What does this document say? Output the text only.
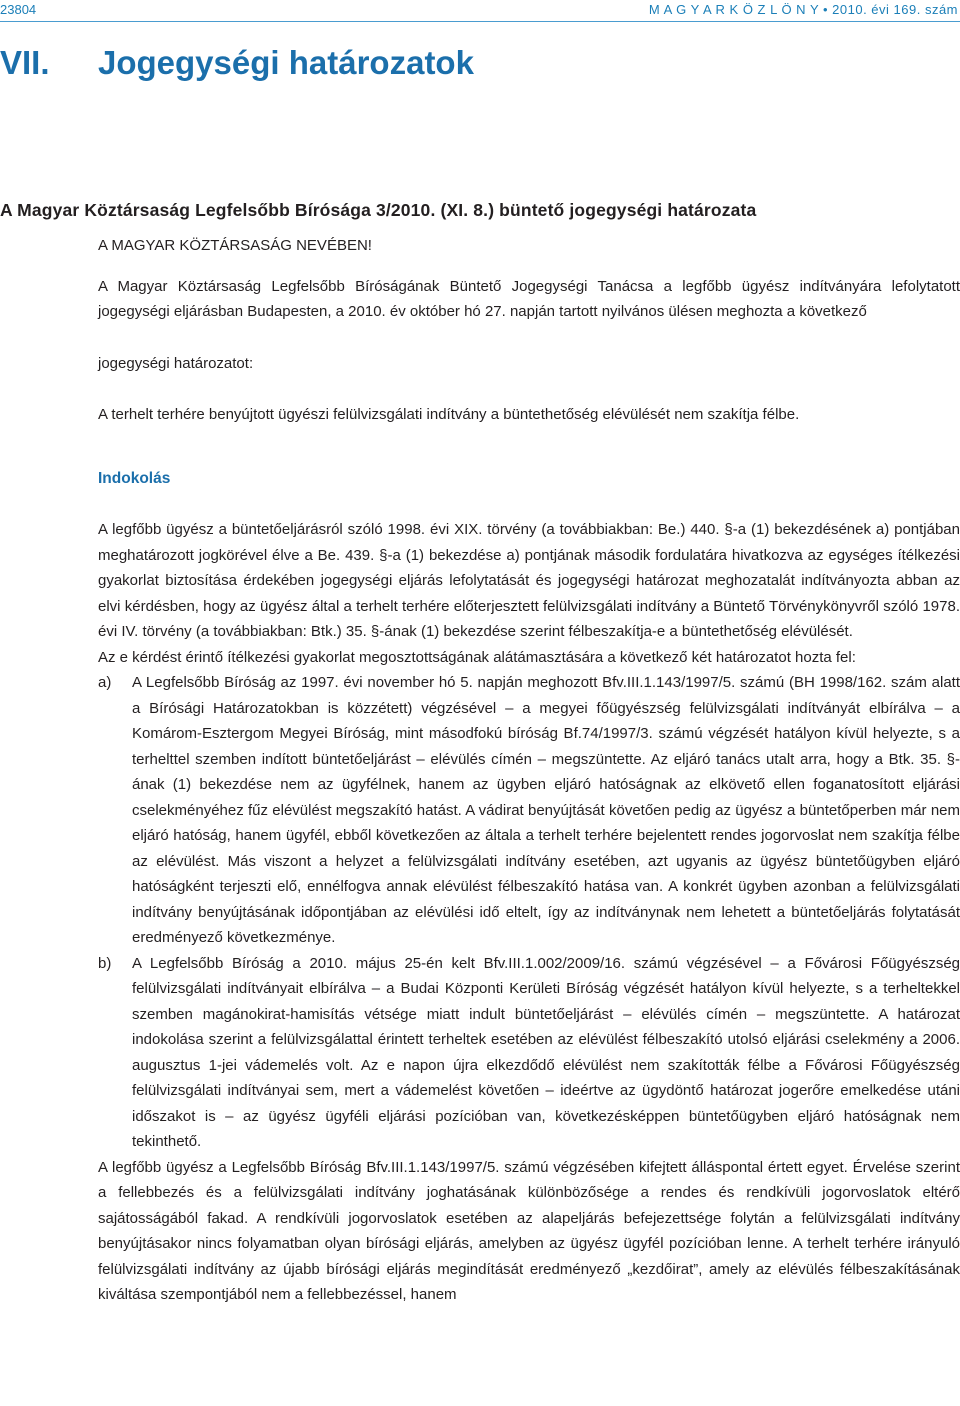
23804	M A G Y A R K Ö Z L Ö N Y • 2010. évi 169. szám
VII. Jogegységi határozatok

A Magyar Köztársaság Legfelsőbb Bírósága 3/2010. (XI. 8.) büntető jogegységi határozata

A MAGYAR KÖZTÁRSASÁG NEVÉBEN!

A Magyar Köztársaság Legfelsőbb Bíróságának Büntető Jogegységi Tanácsa a legfőbb ügyész indítványára lefolytatott jogegységi eljárásban Budapesten, a 2010. év október hó 27. napján tartott nyilvános ülésen meghozta a következő

jogegységi határozatot:

A terhelt terhére benyújtott ügyészi felülvizsgálati indítvány a büntethetőség elévülését nem szakítja félbe.

Indokolás

A legfőbb ügyész a büntetőeljárásról szóló 1998. évi XIX. törvény (a továbbiakban: Be.) 440. §-a (1) bekezdésének a) pontjában meghatározott jogkörével élve a Be. 439. §-a (1) bekezdése a) pontjának második fordulatára hivatkozva az egységes ítélkezési gyakorlat biztosítása érdekében jogegységi eljárás lefolytatását és jogegységi határozat meghozatalát indítványozta abban az elvi kérdésben, hogy az ügyész által a terhelt terhére előterjesztett felülvizsgálati indítvány a Büntető Törvénykönyvről szóló 1978. évi IV. törvény (a továbbiakban: Btk.) 35. §-ának (1) bekezdése szerint félbeszakítja-e a büntethetőség elévülését.

Az e kérdést érintő ítélkezési gyakorlat megosztottságának alátámasztására a következő két határozatot hozta fel:

a)	A Legfelsőbb Bíróság az 1997. évi november hó 5. napján meghozott Bfv.III.1.143/1997/5. számú (BH 1998/162. szám alatt a Bírósági Határozatokban is közzétett) végzésével – a megyei főügyészség felülvizsgálati indítványát elbírálva – a Komárom-Esztergom Megyei Bíróság, mint másodfokú bíróság Bf.74/1997/3. számú végzését hatályon kívül helyezte, s a terhelttel szemben indított büntetőeljárást – elévülés címén – megszüntette. Az eljáró tanács utalt arra, hogy a Btk. 35. §-ának (1) bekezdése nem az ügyfélnek, hanem az ügyben eljáró hatóságnak az elkövető ellen foganatosított eljárási cselekményéhez fűz elévülést megszakító hatást. A vádirat benyújtását követően pedig az ügyész a büntetőperben már nem eljáró hatóság, hanem ügyfél, ebből következően az általa a terhelt terhére bejelentett rendes jogorvoslat nem szakítja félbe az elévülést. Más viszont a helyzet a felülvizsgálati indítvány esetében, azt ugyanis az ügyész büntetőügyben eljáró hatóságként terjeszti elő, ennélfogva annak elévülést félbeszakító hatása van. A konkrét ügyben azonban a felülvizsgálati indítvány benyújtásának időpontjában az elévülési idő eltelt, így az indítványnak nem lehetett a büntetőeljárás folytatását eredményező következménye.

b)	A Legfelsőbb Bíróság a 2010. május 25-én kelt Bfv.III.1.002/2009/16. számú végzésével – a Fővárosi Főügyészség felülvizsgálati indítványait elbírálva – a Budai Központi Kerületi Bíróság végzését hatályon kívül helyezte, s a terheltekkel szemben magánokirat-hamisítás vétsége miatt indult büntetőeljárást – elévülés címén – megszüntette. A határozat indokolása szerint a felülvizsgálattal érintett terheltek esetében az elévülést félbeszakító utolsó eljárási cselekmény a 2006. augusztus 1-jei vádemelés volt. Az e napon újra elkezdődő elévülést nem szakították félbe a Fővárosi Főügyészség felülvizsgálati indítványai sem, mert a vádemelést követően – ideértve az ügydöntő határozat jogerőre emelkedése utáni időszakot is – az ügyész ügyféli eljárási pozícióban van, következésképpen büntetőügyben eljáró hatóságnak nem tekinthető.

A legfőbb ügyész a Legfelsőbb Bíróság Bfv.III.1.143/1997/5. számú végzésében kifejtett álláspontal értett egyet. Érvelése szerint a fellebbezés és a felülvizsgálati indítvány joghatásának különbözősége a rendes és rendkívüli jogorvoslatok eltérő sajátosságából fakad. A rendkívüli jogorvoslatok esetében az alapeljárás befejezettsége folytán a felülvizsgálati indítvány benyújtásakor nincs folyamatban olyan bírósági eljárás, amelyben az ügyész ügyfél pozícióban lenne. A terhelt terhére irányuló felülvizsgálati indítvány az újabb bírósági eljárás megindítását eredményező „kezdőirat”, amely az elévülés félbeszakításának kiváltása szempontjából nem a fellebbezéssel, hanem
